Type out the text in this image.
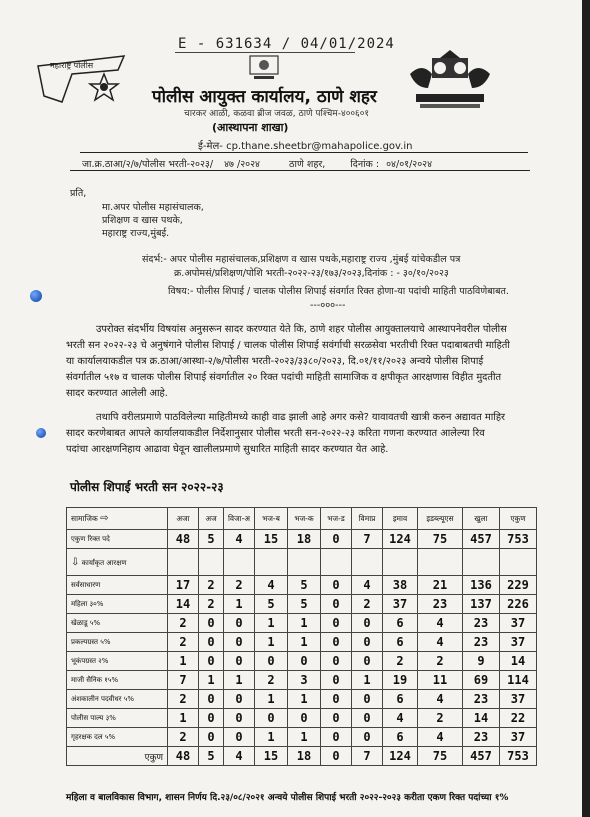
E - 631634 / 04/01/2024
महाराष्ट्र पोलीस
पोलीस आयुक्त कार्यालय, ठाणे शहर
चारकर आळी, कळवा ब्रीज जवळ, ठाणे पश्चिम-४००६०१
(आस्थापना शाखा)
ई-मेल- cp.thane.sheetbr@mahapolice.gov.in
जा.क्र.ठाआ/२/७/पोलीस भरती-२०२३/ ४७ /२०२४	ठाणे शहर,	दिनांक : ०४/०१/२०२४
प्रति,
मा.अपर पोलीस महासंचालक,
प्रशिक्षण व खास पथके,
महाराष्ट्र राज्य,मुंबई.
संदर्भ:- अपर पोलीस महासंचालक,प्रशिक्षण व खास पथके,महाराष्ट्र राज्य ,मुंबई यांचेकडील पत्र
क्र.अपोमसं/प्रशिक्षण/पोशि भरती-२०२२-२३/१७३/२०२३,दिनांक : - ३०/१०/२०२३
विषय:- पोलीस शिपाई / चालक पोलीस शिपाई संवर्गात रिक्त होणा-या पदांची माहिती पाठविणेबाबत.
---०००---
उपरोक्त संदर्भीय विषयांस अनुसरून सादर करण्यात येते कि, ठाणे शहर पोलीस आयुक्तालयाचे आस्थापनेवरील पोलीस
भरती सन २०२२-२३ चे अनुषंगाने पोलीस शिपाई / चालक पोलीस शिपाई सवंर्गाची सरळसेवा भरतीची रिक्त पदाबाबतची माहिती
या कार्यालयाकडील पत्र क्र.ठाआ/आस्था-२/७/पोलीस भरती-२०२३/३३८०/२०२३, दि.०१/११/२०२३ अन्वये पोलीस शिपाई
संवर्गातील ५१७ व चालक पोलीस शिपाई संवर्गातील २० रिक्त पदांची माहिती सामाजिक व क्षपीकृत आरक्षणास विहीत मुदतीत
सादर करण्यात आलेली आहे.
तथापि वरीलप्रमाणे पाठविलेल्या माहितीमध्ये काही वाढ झाली आहे अगर कसे? यावावतची खात्री करुन अद्यावत माहिर
सादर करणेबाबत आपले कार्यालयाकडील निर्देशानुसार पोलीस भरती सन-२०२२-२३ करिता गणना करण्यात आलेल्या रिव
पदांचा आरक्षणनिहाय आढावा घेवून खालीलप्रमाणे सुधारित माहिती सादर करण्यात येत आहे.
पोलीस शिपाई भरती सन २०२२-२३
सामाजिक ⇨	अजा	अज	विजा-अ	भज-ब	भज-क	भज-ड	विमाप्र	इमाव	इडब्ल्यूएस	खुला	एकुण
एकुण रिक्त पदे	48	5	4	15	18	0	7	124	75	457	753
⇩ कार्यांकृत आरक्षण											
सर्वसाधारण	17	2	2	4	5	0	4	38	21	136	229
महिला ३०%	14	2	1	5	5	0	2	37	23	137	226
खेळाडू ५%	2	0	0	1	1	0	0	6	4	23	37
प्रकल्पग्रस्त ५%	2	0	0	1	1	0	0	6	4	23	37
भूकंपग्रस्त २%	1	0	0	0	0	0	0	2	2	9	14
माजी सैनिक १५%	7	1	1	2	3	0	1	19	11	69	114
अंशकालीन पदवीधर ५%	2	0	0	1	1	0	0	6	4	23	37
पोलीस पाल्य ३%	1	0	0	0	0	0	0	4	2	14	22
गृहरक्षक दल ५%	2	0	0	1	1	0	0	6	4	23	37
एकुण	48	5	4	15	18	0	7	124	75	457	753
महिला व बालविकास विभाग, शासन निर्णय दि.२३/०८/२०२१ अन्वये पोलीस शिपाई भरती २०२२-२०२३ करीता एकण रिक्त पदांच्या १%
